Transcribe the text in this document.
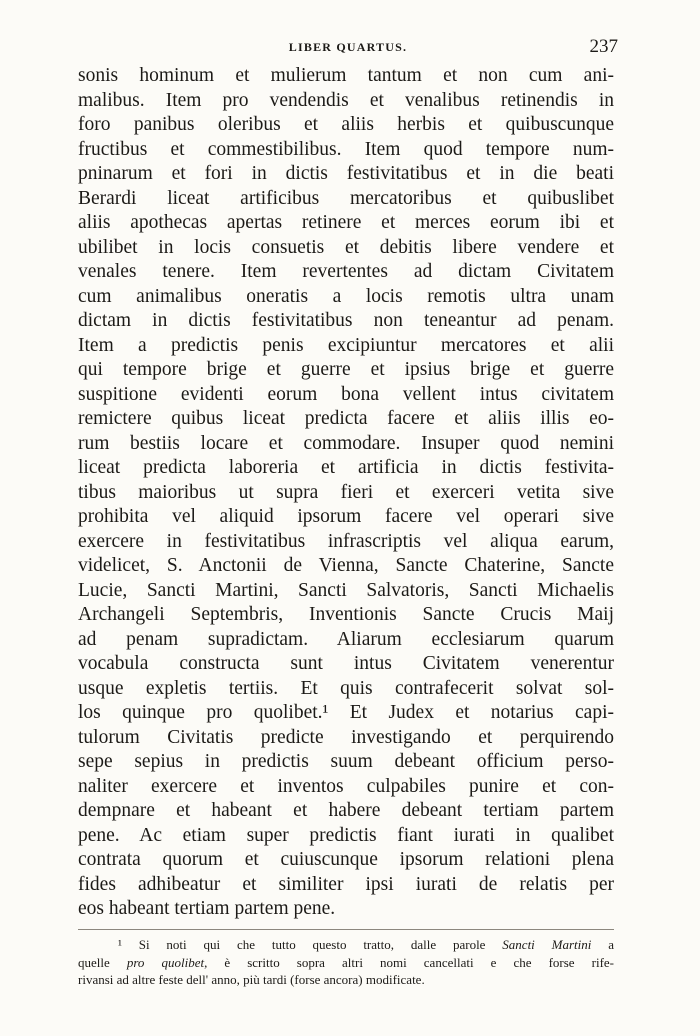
LIBER QUARTUS.	237
sonis hominum et mulierum tantum et non cum ani-
malibus. Item pro vendendis et venalibus retinendis in
foro panibus oleribus et aliis herbis et quibuscunque
fructibus et commestibilibus. Item quod tempore num-
pninarum et fori in dictis festivitatibus et in die beati
Berardi liceat artificibus mercatoribus et quibuslibet
aliis apothecas apertas retinere et merces eorum ibi et
ubilibet in locis consuetis et debitis libere vendere et
venales tenere. Item revertentes ad dictam Civitatem
cum animalibus oneratis a locis remotis ultra unam
dictam in dictis festivitatibus non teneantur ad penam.
Item a predictis penis excipiuntur mercatores et alii
qui tempore brige et guerre et ipsius brige et guerre
suspitione evidenti eorum bona vellent intus civitatem
remictere quibus liceat predicta facere et aliis illis eo-
rum bestiis locare et commodare. Insuper quod nemini
liceat predicta laboreria et artificia in dictis festivita-
tibus maioribus ut supra fieri et exerceri vetita sive
prohibita vel aliquid ipsorum facere vel operari sive
exercere in festivitatibus infrascriptis vel aliqua earum,
videlicet, S. Anctonii de Vienna, Sancte Chaterine, Sancte
Lucie, Sancti Martini, Sancti Salvatoris, Sancti Michaelis
Archangeli Septembris, Inventionis Sancte Crucis Maij
ad penam supradictam. Aliarum ecclesiarum quarum
vocabula constructa sunt intus Civitatem venerentur
usque expletis tertiis. Et quis contrafecerit solvat sol-
los quinque pro quolibet.¹ Et Judex et notarius capi-
tulorum Civitatis predicte investigando et perquirendo
sepe sepius in predictis suum debeant officium perso-
naliter exercere et inventos culpabiles punire et con-
dempnare et habeant et habere debeant tertiam partem
pene. Ac etiam super predictis fiant iurati in qualibet
contrata quorum et cuiuscunque ipsorum relationi plena
fides adhibeatur et similiter ipsi iurati de relatis per
eos habeant tertiam partem pene.
¹ Si noti qui che tutto questo tratto, dalle parole Sancti Martini a
quelle pro quolibet, è scritto sopra altri nomi cancellati e che forse rife-
rivansi ad altre feste dell' anno, più tardi (forse ancora) modificate.
